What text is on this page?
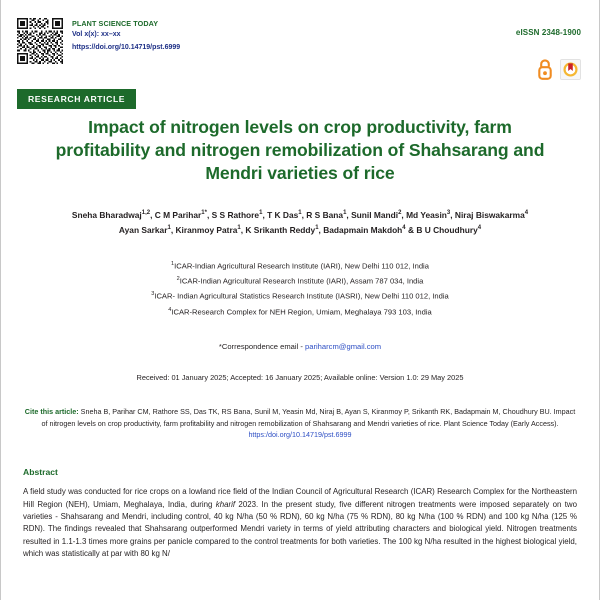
PLANT SCIENCE TODAY
Vol x(x): xx–xx
https://doi.org/10.14719/pst.6999
eISSN 2348-1900
RESEARCH ARTICLE
Impact of nitrogen levels on crop productivity, farm profitability and nitrogen remobilization of Shahsarang and Mendri varieties of rice
Sneha Bharadwaj$^{1,2}$, C M Parihar$^{1*}$, S S Rathore$^1$, T K Das$^1$, R S Bana$^1$, Sunil Mandi$^2$, Md Yeasin$^3$, Niraj Biswakarma$^4$
Ayan Sarkar$^1$, Kiranmoy Patra$^1$, K Srikanth Reddy$^1$, Badapmain Makdoh$^4$ & B U Choudhury$^4$
$^1$ICAR-Indian Agricultural Research Institute (IARI), New Delhi 110 012, India
$^2$ICAR-Indian Agricultural Research Institute (IARI), Assam 787 034, India
$^3$ICAR- Indian Agricultural Statistics Research Institute (IASRI), New Delhi 110 012, India
$^4$ICAR-Research Complex for NEH Region, Umiam, Meghalaya 793 103, India
*Correspondence email - pariharcm@gmail.com
Received: 01 January 2025; Accepted: 16 January 2025; Available online: Version 1.0: 29 May 2025
Cite this article: Sneha B, Parihar CM, Rathore SS, Das TK, RS Bana, Sunil M, Yeasin Md, Niraj B, Ayan S, Kiranmoy P, Srikanth RK, Badapmain M, Choudhury BU. Impact of nitrogen levels on crop productivity, farm profitability and nitrogen remobilization of Shahsarang and Mendri varieties of rice. Plant Science Today (Early Access). https:/doi.org/10.14719/pst.6999
Abstract
A field study was conducted for rice crops on a lowland rice field of the Indian Council of Agricultural Research (ICAR) Research Complex for the Northeastern Hill Region (NEH), Umiam, Meghalaya, India, during kharif 2023. In the present study, five different nitrogen treatments were imposed separately on two varieties - Shahsarang and Mendri, including control, 40 kg N/ha (50 % RDN), 60 kg N/ha (75 % RDN), 80 kg N/ha (100 % RDN) and 100 kg N/ha (125 % RDN). The findings revealed that Shahsarang outperformed Mendri variety in terms of yield attributing characters and biological yield. Nitrogen treatments resulted in 1.1-1.3 times more grains per panicle compared to the control treatments for both varieties. The 100 kg N/ha resulted in the highest biological yield, which was statistically at par with 80 kg N/
